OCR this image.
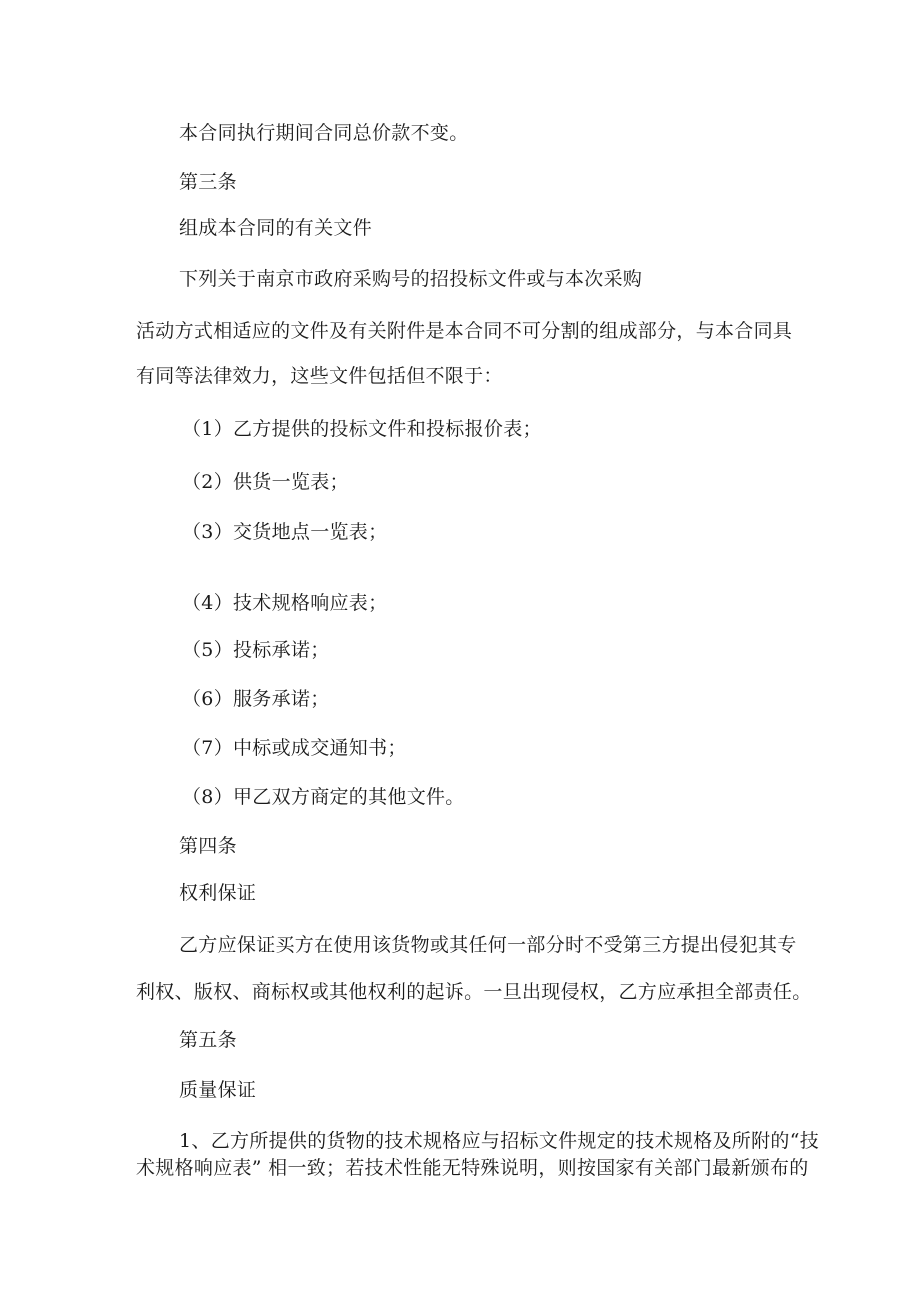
本合同执行期间合同总价款不变。
第三条
组成本合同的有关文件
下列关于南京市政府采购号的招投标文件或与本次采购
活动方式相适应的文件及有关附件是本合同不可分割的组成部分，与本合同具
有同等法律效力，这些文件包括但不限于：
（1）乙方提供的投标文件和投标报价表；
（2）供货一览表；
（3）交货地点一览表；
（4）技术规格响应表；
（5）投标承诺；
（6）服务承诺；
（7）中标或成交通知书；
（8）甲乙双方商定的其他文件。
第四条
权利保证
乙方应保证买方在使用该货物或其任何一部分时不受第三方提出侵犯其专
利权、版权、商标权或其他权利的起诉。一旦出现侵权，乙方应承担全部责任。
第五条
质量保证
1、乙方所提供的货物的技术规格应与招标文件规定的技术规格及所附的“技
术规格响应表” 相一致；若技术性能无特殊说明，则按国家有关部门最新颁布的
